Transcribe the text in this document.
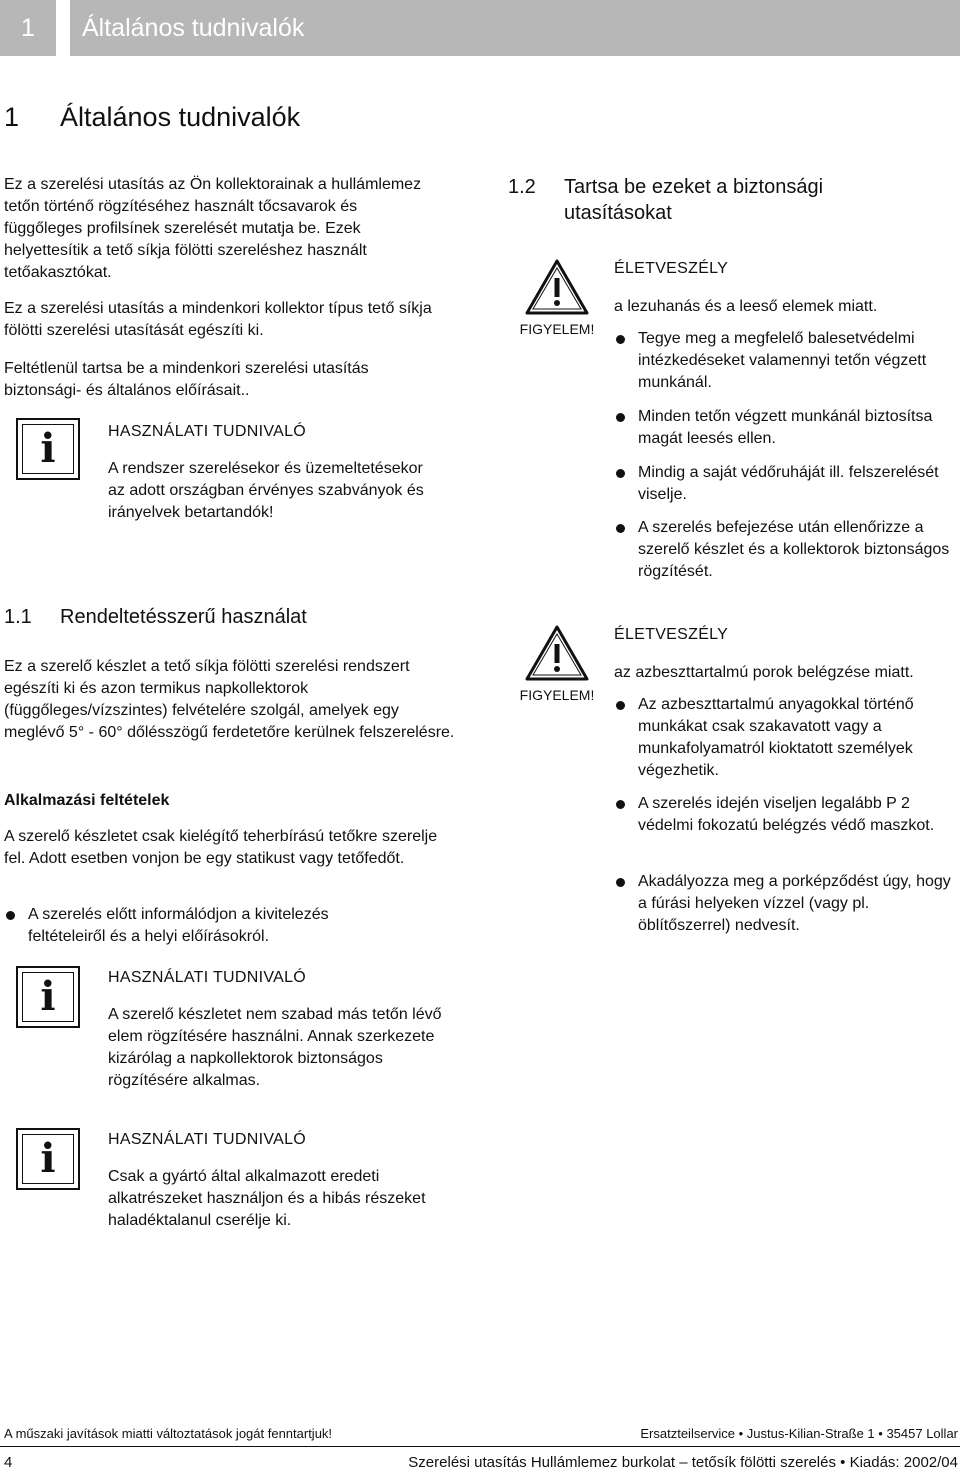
1	Általános tudnivalók
1 Általános tudnivalók

Ez a szerelési utasítás az Ön kollektorainak a hullámlemez tetőn történő rögzítéséhez használt tőcsavarok és függőleges profilsínek szerelését mutatja be. Ezek helyettesítik a tető síkja fölötti szereléshez használt tetőakasztókat.

Ez a szerelési utasítás a mindenkori kollektor típus tető síkja fölötti szerelési utasítását egészíti ki.

Feltétlenül tartsa be a mindenkori szerelési utasítás biztonsági- és általános előírásait..

i	HASZNÁLATI TUDNIVALÓ

A rendszer szerelésekor és üzemeltetésekor az adott országban érvényes szabványok és irányelvek betartandók!

1.1 Rendeltetésszerű használat

Ez a szerelő készlet a tető síkja fölötti szerelési rendszert egészíti ki és azon termikus napkollektorok (függőleges/vízszintes) felvételére szolgál, amelyek egy meglévő 5° - 60° dőlésszögű ferdetetőre kerülnek felszerelésre.

Alkalmazási feltételek

A szerelő készletet csak kielégítő teherbírású tetőkre szerelje fel. Adott esetben vonjon be egy statikust vagy tetőfedőt.

A szerelés előtt informálódjon a kivitelezés feltételeiről és a helyi előírásokról.
i	HASZNÁLATI TUDNIVALÓ

A szerelő készletet nem szabad más tetőn lévő elem rögzítésére használni. Annak szerkezete kizárólag a napkollektorok biztonságos rögzítésére alkalmas.

i	HASZNÁLATI TUDNIVALÓ

Csak a gyártó által alkalmazott eredeti alkatrészeket használjon és a hibás részeket haladéktalanul cserélje ki.

1.2 Tartsa be ezeket a biztonsági utasításokat
FIGYELEM!
ÉLETVESZÉLY
a lezuhanás és a leeső elemek miatt.
Tegye meg a megfelelő balesetvédelmi intézkedéseket valamennyi tetőn végzett munkánál.
Minden tetőn végzett munkánál biztosítsa magát leesés ellen.
Mindig a saját védőruháját ill. felszerelését viselje.
A szerelés befejezése után ellenőrizze a szerelő készlet és a kollektorok biztonságos rögzítését.
FIGYELEM!
ÉLETVESZÉLY
az azbeszttartalmú porok belégzése miatt.
Az azbeszttartalmú anyagokkal történő munkákat csak szakavatott vagy a munkafolyamatról kioktatott személyek végezhetik.
A szerelés idején viseljen legalább P 2 védelmi fokozatú belégzés védő maszkot.
Akadályozza meg a porképződést úgy, hogy a fúrási helyeken vízzel (vagy pl. öblítőszerrel) nedvesít.
A műszaki javítások miatti változtatások jogát fenntartjuk!	Ersatzteilservice • Justus-Kilian-Straße 1 • 35457 Lollar
4	Szerelési utasítás Hullámlemez burkolat – tetősík fölötti szerelés • Kiadás: 2002/04
